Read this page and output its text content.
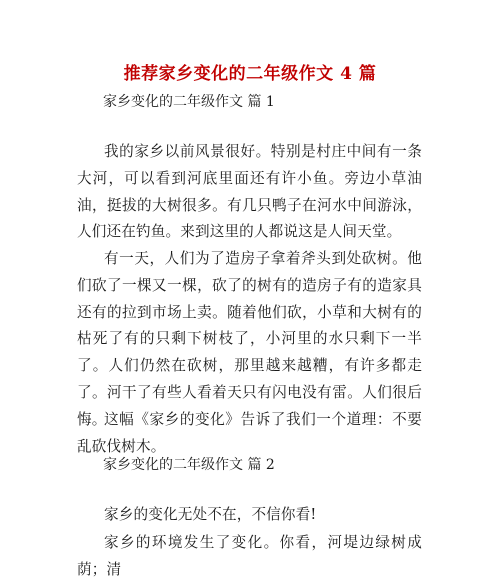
推荐家乡变化的二年级作文 4 篇
家乡变化的二年级作文 篇 1
我的家乡以前风景很好。特别是村庄中间有一条大河，可以看到河底里面还有许小鱼。旁边小草油油，挺拔的大树很多。有几只鸭子在河水中间游泳，人们还在钓鱼。来到这里的人都说这是人间天堂。
有一天，人们为了造房子拿着斧头到处砍树。他们砍了一棵又一棵，砍了的树有的造房子有的造家具还有的拉到市场上卖。随着他们砍，小草和大树有的枯死了有的只剩下树枝了，小河里的水只剩下一半了。人们仍然在砍树，那里越来越糟，有许多都走了。河干了有些人看着天只有闪电没有雷。人们很后悔。
这幅《家乡的变化》告诉了我们一个道理：不要乱砍伐树木。
家乡变化的二年级作文 篇 2
家乡的变化无处不在，不信你看!
家乡的环境发生了变化。你看，河堤边绿树成荫；清
